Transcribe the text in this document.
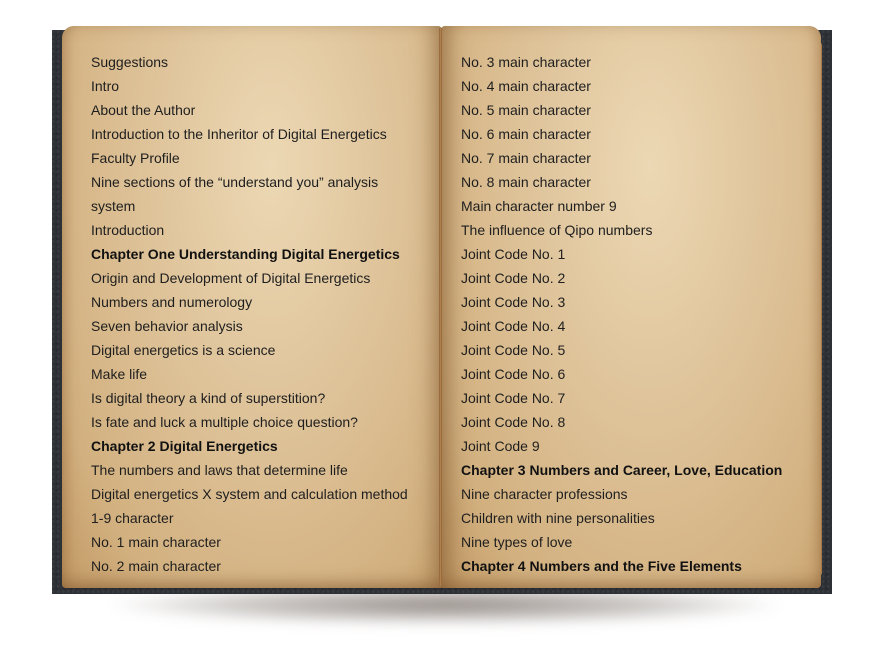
Suggestions
Intro
About the Author
Introduction to the Inheritor of Digital Energetics
Faculty Profile
Nine sections of the “understand you” analysis
system
Introduction
Chapter One Understanding Digital Energetics
Origin and Development of Digital Energetics
Numbers and numerology
Seven behavior analysis
Digital energetics is a science
Make life
Is digital theory a kind of superstition?
Is fate and luck a multiple choice question?
Chapter 2 Digital Energetics
The numbers and laws that determine life
Digital energetics X system and calculation method
1-9 character
No. 1 main character
No. 2 main character
No. 3 main character
No. 4 main character
No. 5 main character
No. 6 main character
No. 7 main character
No. 8 main character
Main character number 9
The influence of Qipo numbers
Joint Code No. 1
Joint Code No. 2
Joint Code No. 3
Joint Code No. 4
Joint Code No. 5
Joint Code No. 6
Joint Code No. 7
Joint Code No. 8
Joint Code 9
Chapter 3 Numbers and Career, Love, Education
Nine character professions
Children with nine personalities
Nine types of love
Chapter 4 Numbers and the Five Elements
